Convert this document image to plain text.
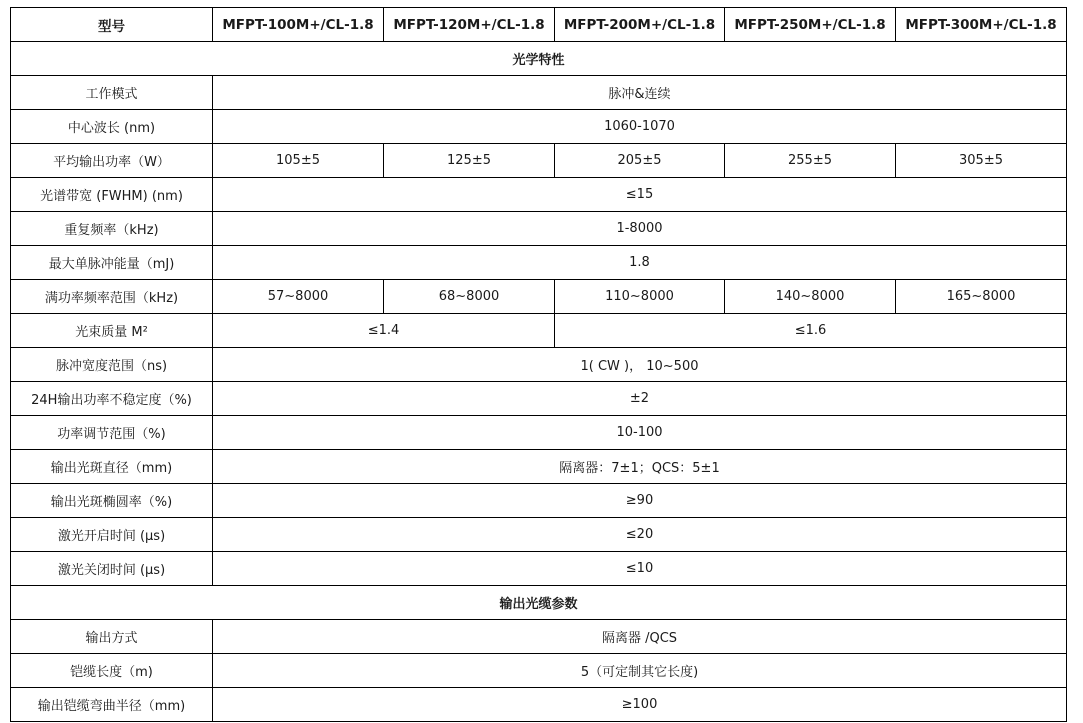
型号	MFPT-100M+/CL-1.8	MFPT-120M+/CL-1.8	MFPT-200M+/CL-1.8	MFPT-250M+/CL-1.8	MFPT-300M+/CL-1.8
光学特性					
工作模式	脉冲&连续				
中心波长 (nm)	1060-1070				
平均输出功率（W）	105±5	125±5	205±5	255±5	305±5
光谱带宽 (FWHM) (nm)	≤15				
重复频率（kHz)	1-8000				
最大单脉冲能量（mJ)	1.8				
满功率频率范围（kHz)	57~8000	68~8000	110~8000	140~8000	165~8000
光束质量 M²	≤1.4		≤1.6		
脉冲宽度范围（ns)	1( CW )， 10~500				
24H输出功率不稳定度（%)	±2				
功率调节范围（%)	10-100				
输出光斑直径（mm)	隔离器：7±1；QCS：5±1				
输出光斑椭圆率（%)	≥90				
激光开启时间 (μs)	≤20				
激光关闭时间 (μs)	≤10				
输出光缆参数					
输出方式	隔离器 /QCS				
铠缆长度（m)	5（可定制其它长度)				
输出铠缆弯曲半径（mm)	≥100				
